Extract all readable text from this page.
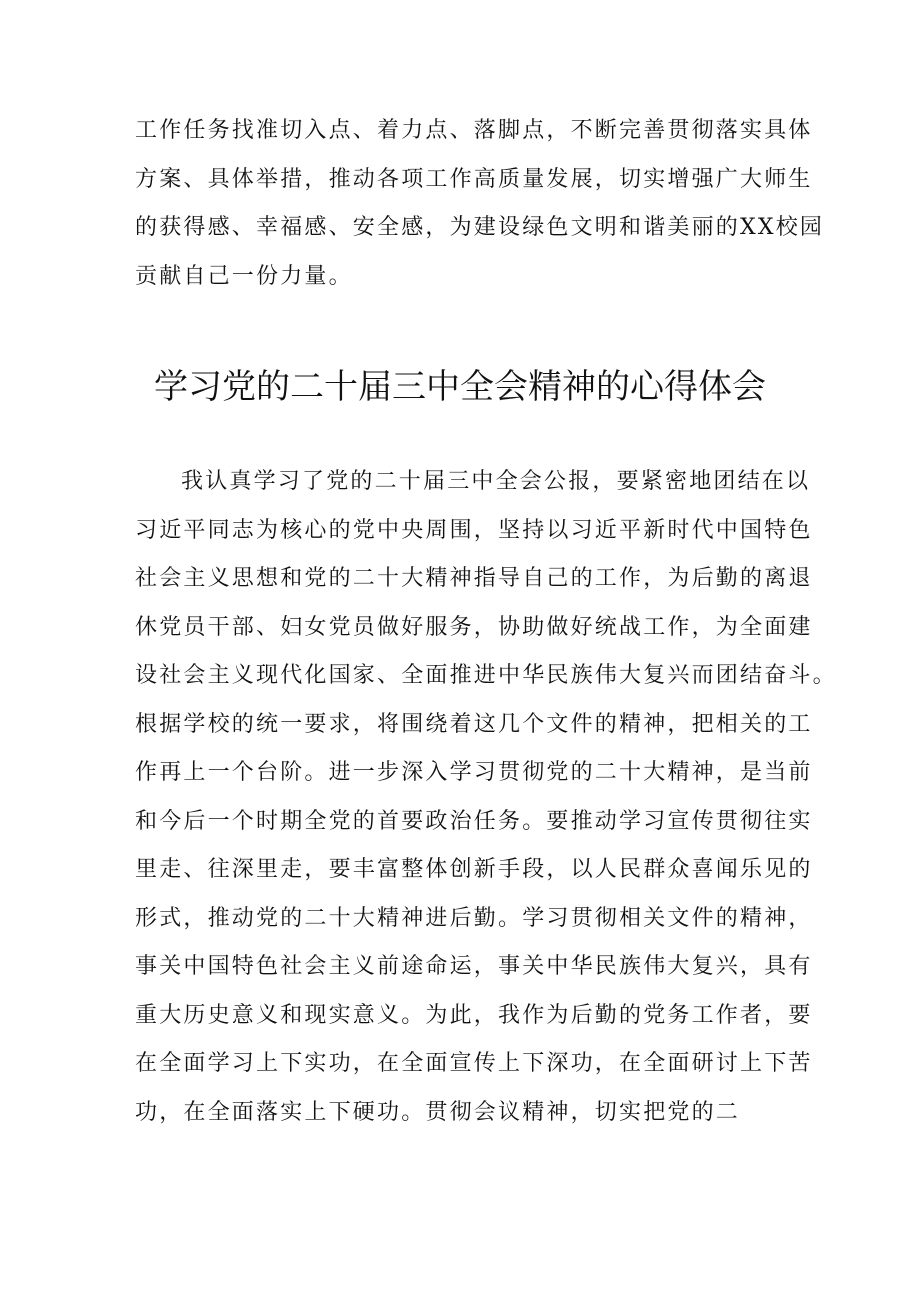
工作任务找准切入点、着力点、落脚点，不断完善贯彻落实具体
方案、具体举措，推动各项工作高质量发展，切实增强广大师生
的获得感、幸福感、安全感，为建设绿色文明和谐美丽的XX校园
贡献自己一份力量。
学习党的二十届三中全会精神的心得体会
我认真学习了党的二十届三中全会公报，要紧密地团结在以
习近平同志为核心的党中央周围，坚持以习近平新时代中国特色
社会主义思想和党的二十大精神指导自己的工作，为后勤的离退
休党员干部、妇女党员做好服务，协助做好统战工作，为全面建
设社会主义现代化国家、全面推进中华民族伟大复兴而团结奋斗。
根据学校的统一要求，将围绕着这几个文件的精神，把相关的工
作再上一个台阶。进一步深入学习贯彻党的二十大精神，是当前
和今后一个时期全党的首要政治任务。要推动学习宣传贯彻往实
里走、往深里走，要丰富整体创新手段，以人民群众喜闻乐见的
形式，推动党的二十大精神进后勤。学习贯彻相关文件的精神，
事关中国特色社会主义前途命运，事关中华民族伟大复兴，具有
重大历史意义和现实意义。为此，我作为后勤的党务工作者，要
在全面学习上下实功，在全面宣传上下深功，在全面研讨上下苦
功，在全面落实上下硬功。贯彻会议精神，切实把党的二
